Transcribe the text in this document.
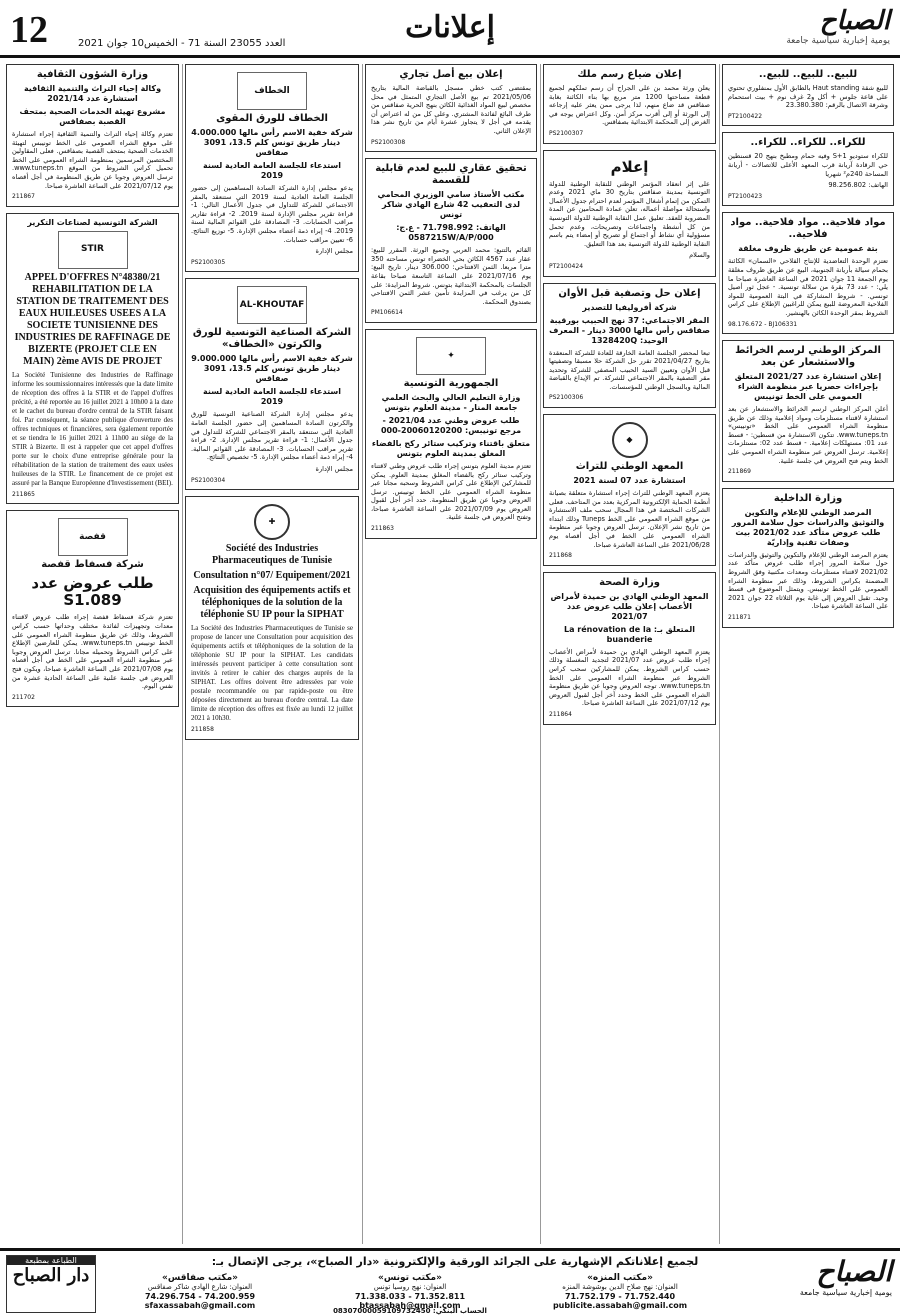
12	العدد 23055 السنة 71 - الخميس10 جوان 2021	إعلانات	الصباح
يومية إخبارية سياسية جامعة
للبيع.. للبيع.. للبيع..

للبيع شقة Haut standing بالطابق الأول بمنفلوري تحتوي على قاعة جلوس + أكل و2 غرف نوم + بيت استحمام وشرفة الاتصال بالرقم: 23.380.380

PT2100422
للكراء.. للكراء.. للكراء..

للكراء ستوديو S+1 وفيه حمام ومطبخ بنهج 20 قسنطين حي الرقادة آريانة قرب المعهد الأعلى للاتصالات - أريانة المساحة 240م² شهريا

الهاتف: 98.256.802

PT2100423
مواد فلاحية.. مواد فلاحية.. مواد فلاحية..
بتة عمومية عن طريق ظروف مغلقة

تعتزم الوحدة التعاضدية للإنتاج الفلاحي «السمان» الكائنة بحمام سيالة بأريانة الجنوبية، البيع عن طريق ظروف مغلقة يوم الجمعة 11 جوان 2021 في الساعة العاشرة صباحا ما يلي: - عدد 73 بقرة من سلالة تونسية. - عجل ثور أصيل تونسي. - شروط المشاركة في البتة العمومية للمواد الفلاحية المعروضة للبيع يمكن للراغبين الإطلاع على كراس الشروط بمقر الوحدة الكائن بالهنشير.

98.176.672 - BJ106331
المركز الوطني لرسم الخرائط والاستشعار عن بعد
إعلان استشارة عدد 2021/27 المتعلق بإجراءات حصريا عبر منظومة الشراء العمومي على الخط تونيبس

أعلن المركز الوطني لرسم الخرائط والاستشعار عن بعد استشارة لاقتناء مستلزمات ومواد إعلامية وذلك عن طريق منظومة الشراء العمومي على الخط «تونيبس» www.tuneps.tn. تتكون الاستشارة من قسطين: - قسط عدد 01: مستهلكات إعلامية. - قسط عدد 02: مستلزمات إعلامية. ترسل العروض عبر منظومة الشراء العمومي على الخط ويتم فتح العروض في جلسة علنية.

211869
وزارة الداخلية
المرصد الوطني للإعلام والتكوين والتوثيق والدراسات حول سلامة المرور طلب عروض متأكد عدد 2021/02 بيت وصفات تقنية وإداريّة

يعتزم المرصد الوطني للإعلام والتكوين والتوثيق والدراسات حول سلامة المرور إجراء طلب عروض متأكد عدد 2021/02 لاقتناء مستلزمات ومعدات مكتبية وفق الشروط المضمنة بكراس الشروط، وذلك عبر منظومة الشراء العمومي على الخط تونيبس. ويتمثل الموضوع في قسط وحيد. تقبل العروض إلى غاية يوم الثلاثاء 22 جوان 2021 على الساعة العاشرة صباحا.

211871
إعلان ضياع رسم ملك

يعلن ورثة محمد بن علي الجراح أن رسم تملكهم لجميع قطعة مساحتها 1200 متر مربع بها بناء الكائنة بغابة صفاقس قد ضاع منهم، لذا يرجى ممن يعثر عليه إرجاعه إلى الورثة أو إلى أقرب مركز أمن. وكل اعتراض يوجه في الغرض إلى المحكمة الابتدائية بصفاقس.

PS2100307
إعلام

على إثر انعقاد المؤتمر الوطني للنقابة الوطنية للدولة التونسية بمدينة صفاقس بتاريخ 30 ماي 2021 وعدم التمكن من إتمام أشغال المؤتمر لعدم احترام جدول الأعمال واستحالة مواصلة أعماله، تعلن عمادة المحامين عن المدة المضروبة للعقد. تعليق عمل النقابة الوطنية للدولة التونسية من كل أنشطة واجتماعات وتصريحات، وعدم تحمل مسؤولية أي نشاط أو اجتماع أو تصريح أو إمضاء يتم باسم النقابة الوطنية للدولة التونسية بعد هذا التعليق.

والسلام

PT2100424
إعلان حل وتصفية قبل الأوان
شركة أفروليفيا للتصدير
المقر الاجتماعي: 37 نهج الحبيب بورقيبة صفاقس رأس مالها 3000 دينار - المعرف الوحيد: 1328420Q

تبعا لمحضر الجلسة العامة الخارقة للعادة للشركة المنعقدة بتاريخ 2021/04/27 تقرر حل الشركة حلا مسبقا وتصفيتها قبل الأوان وتعيين السيد الحبيب المصفي للشركة وتحديد مقر التصفية بالمقر الاجتماعي للشركة. تم الإيداع بالقباضة المالية وبالسجل الوطني للمؤسسات.

PS2100306
◆
المعهد الوطني للتراث
استشارة عدد 07 لسنة 2021

يعتزم المعهد الوطني للتراث إجراء استشارة متعلقة بصيانة أنظمة الحماية الإلكترونية المركزية بعدد من المتاحف. فعلى الشركات المختصة في هذا المجال سحب ملف الاستشارة من موقع الشراء العمومي على الخط Tuneps وذلك ابتداء من تاريخ نشر الإعلان. ترسل العروض وجوبا عبر منظومة الشراء العمومي على الخط في أجل أقصاه يوم 2021/06/28 على الساعة العاشرة صباحا.

211868
وزارة الصحة
المعهد الوطني الهادي بن حميدة لأمراض الأعصاب إعلان طلب عروض عدد 2021/07
المتعلق بـ: La rénovation de la buanderie

يعتزم المعهد الوطني الهادي بن حميدة لأمراض الأعصاب إجراء طلب عروض عدد 2021/07 لتجديد المغسلة وذلك حسب كراس الشروط. يمكن للمشاركين سحب كراس الشروط عبر منظومة الشراء العمومي على الخط www.tuneps.tn. توجه العروض وجوبا عن طريق منظومة الشراء العمومي على الخط وحدد آخر أجل لقبول العروض يوم 2021/07/12 على الساعة العاشرة صباحا.

211864
إعلان بيع أصل تجاري

بمقتضى كتب خطي مسجل بالقباضة المالية بتاريخ 2021/05/06 تم بيع الأصل التجاري المتمثل في محل مخصص لبيع المواد الغذائية الكائن بنهج الحرية صفاقس من طرف البائع لفائدة المشتري. وعلى كل من له اعتراض أن يقدمه في أجل لا يتجاوز عشرة أيام من تاريخ نشر هذا الإعلان الثاني.

PS2100308
تحقيق عقاري للبيع لعدم قابلية للقسمة
مكتب الأستاذ سامي الوزيري المحامي لدى التعقيب 42 شارع الهادي شاكر تونس
الهاتف: 71.798.992 - ع.ج: 0587215W/A/P/000

القائم بالتتبع: محمد العربي وجميع الورثة. المقرر للبيع: عقار عدد 4567 الكائن بحي الخضراء تونس مساحته 350 مترا مربعا. الثمن الافتتاحي: 306.000 دينار. تاريخ البيع: يوم 2021/07/16 على الساعة التاسعة صباحا بقاعة الجلسات بالمحكمة الابتدائية بتونس. شروط المزايدة: على كل من يرغب في المزايدة تأمين عشر الثمن الافتتاحي بصندوق المحكمة.

PM106614
✦
الجمهورية التونسية
وزارة التعليم العالي والبحث العلمي جامعة المنار - مدينة العلوم بتونس
طلب عروض وطني عدد 2021/04 - مرجع تونيبس: 20060120200-000
متعلق باقتناء وتركيب ستائر ركح بالفضاء المغلق بمدينة العلوم بتونس

تعتزم مدينة العلوم بتونس إجراء طلب عروض وطني لاقتناء وتركيب ستائر ركح بالفضاء المغلق بمدينة العلوم. يمكن للمشاركين الإطلاع على كراس الشروط وسحبه مجانا عبر منظومة الشراء العمومي على الخط تونيبس. ترسل العروض وجوبا عن طريق المنظومة. حدد آخر أجل لقبول العروض يوم 2021/07/09 على الساعة العاشرة صباحا، وتفتح العروض في جلسة علنية.

211863
الخطاف
الخطاف للورق المقوى
شركة خفية الاسم رأس مالها 4.000.000 دينار طريق تونس كلم 13.5، 3091 صفاقس
استدعاء للجلسة العامة العادية لسنة 2019

يدعو مجلس إدارة الشركة السادة المساهمين إلى حضور الجلسة العامة العادية لسنة 2019 التي ستنعقد بالمقر الاجتماعي للشركة للتداول في جدول الأعمال التالي: 1- قراءة تقرير مجلس الإدارة لسنة 2019. 2- قراءة تقارير مراقب الحسابات. 3- المصادقة على القوائم المالية لسنة 2019. 4- إبراء ذمة أعضاء مجلس الإدارة. 5- توزيع النتائج. 6- تعيين مراقب حسابات.

مجلس الإدارة

PS2100305
AL-KHOUTAF
الشركة الصناعية التونسية للورق والكرتون «الخطاف»
شركة خفية الاسم رأس مالها 9.000.000 دينار طريق تونس كلم 13.5، 3091 صفاقس
استدعاء للجلسة العامة العادية لسنة 2019

يدعو مجلس إدارة الشركة الصناعية التونسية للورق والكرتون السادة المساهمين إلى حضور الجلسة العامة العادية التي ستنعقد بالمقر الاجتماعي للشركة للتداول في جدول الأعمال: 1- قراءة تقرير مجلس الإدارة. 2- قراءة تقرير مراقب الحسابات. 3- المصادقة على القوائم المالية. 4- إبراء ذمة أعضاء مجلس الإدارة. 5- تخصيص النتائج.

مجلس الإدارة

PS2100304
✚
Société des Industries Pharmaceutiques de Tunisie
Consultation n°07/ Equipement/2021
Acquisition des équipements actifs et téléphoniques de la solution de la téléphonie SU IP pour la SIPHAT

La Société des Industries Pharmaceutiques de Tunisie se propose de lancer une Consultation pour acquisition des équipements actifs et téléphoniques de la solution de la téléphonie SU IP pour la SIPHAT. Les candidats intéressés peuvent participer à cette consultation sont invités à retirer le cahier des charges auprès de la SIPHAT. Les offres doivent être adressées par voie postale recommandée ou par rapide-poste ou être déposées directement au bureau d'ordre central. La date limite de réception des offres est fixée au lundi 12 juillet 2021 à 10h30.

211858
وزارة الشؤون الثقافية
وكالة إحياء التراث والتنمية الثقافية استشارة عدد 2021/14
مشروع تهيئة الخدمات الصحية بمتحف القصبة بصفاقس

تعتزم وكالة إحياء التراث والتنمية الثقافية إجراء استشارة على موقع الشراء العمومي على الخط تونيبس لتهيئة الخدمات الصحية بمتحف القصبة بصفاقس. فعلى المقاولين المختصين المرسمين بمنظومة الشراء العمومي على الخط تحميل كراس الشروط من الموقع www.tuneps.tn. ترسل العروض وجوبا عن طريق المنظومة في أجل أقصاه يوم 2021/07/12 على الساعة العاشرة صباحا.

211867
الشركة التونسية لصناعات التكرير
STIR
APPEL D'OFFRES N°48380/21 REHABILITATION DE LA STATION DE TRAITEMENT DES EAUX HUILEUSES USEES A LA SOCIETE TUNISIENNE DES INDUSTRIES DE RAFFINAGE DE BIZERTE (PROJET CLE EN MAIN) 2ème AVIS DE PROJET

La Société Tunisienne des Industries de Raffinage informe les soumissionnaires intéressés que la date limite de réception des offres à la STIR et de l'appel d'offres précité, a été reportée au 16 juillet 2021 à 10h00 à la date et le cachet du bureau d'ordre central de la STIR faisant foi. Par conséquent, la séance publique d'ouverture des offres techniques et financières, sera également reportée et se tiendra le 16 juillet 2021 à 11h00 au siège de la STIR à Bizerte. Il est à rappeler que cet appel d'offres porte sur le choix d'une entreprise générale pour la réhabilitation de la station de traitement des eaux usées huileuses de la STIR. Le financement de ce projet est assuré par la Banque Européenne d'Investissement (BEI).

211865
قفصة
شركة فسفاط قفصة
طلب عروض عدد S1.089

تعتزم شركة فسفاط قفصة إجراء طلب عروض لاقتناء معدات وتجهيزات لفائدة مختلف وحداتها حسب كراس الشروط، وذلك عن طريق منظومة الشراء العمومي على الخط تونيبس www.tuneps.tn. يمكن للعارضين الإطلاع على كراس الشروط وتحميله مجانا. ترسل العروض وجوبا عبر منظومة الشراء العمومي على الخط في أجل أقصاه يوم 2021/07/08 على الساعة العاشرة صباحا، ويكون فتح العروض في جلسة علنية على الساعة الحادية عشرة من نفس اليوم.

211702
لجميع إعلاناتكم الإشهارية على الجرائد الورقية والإلكترونية «دار الصباح»، يرجى الإتصال بـ:	الصباح
يومية إخبارية سياسية جامعة
الطباعة بمطبعة
دار الصباح	«مكتب المنزه»
العنوان: نهج صلاح الدين بوشوشة المنزه
71.752.179 - 71.752.440
publicite.assabah@gmail.com
«مكتب تونس»
العنوان: نهج روسيا تونس
71.338.033 - 71.352.811
btassabah@gmail.com
«مكتب صفاقس»
العنوان: شارع الهادي شاكر صفاقس
74.296.754 - 74.200.959
sfaxassabah@gmail.com
الحساب البنكي: 08307000059109732450
